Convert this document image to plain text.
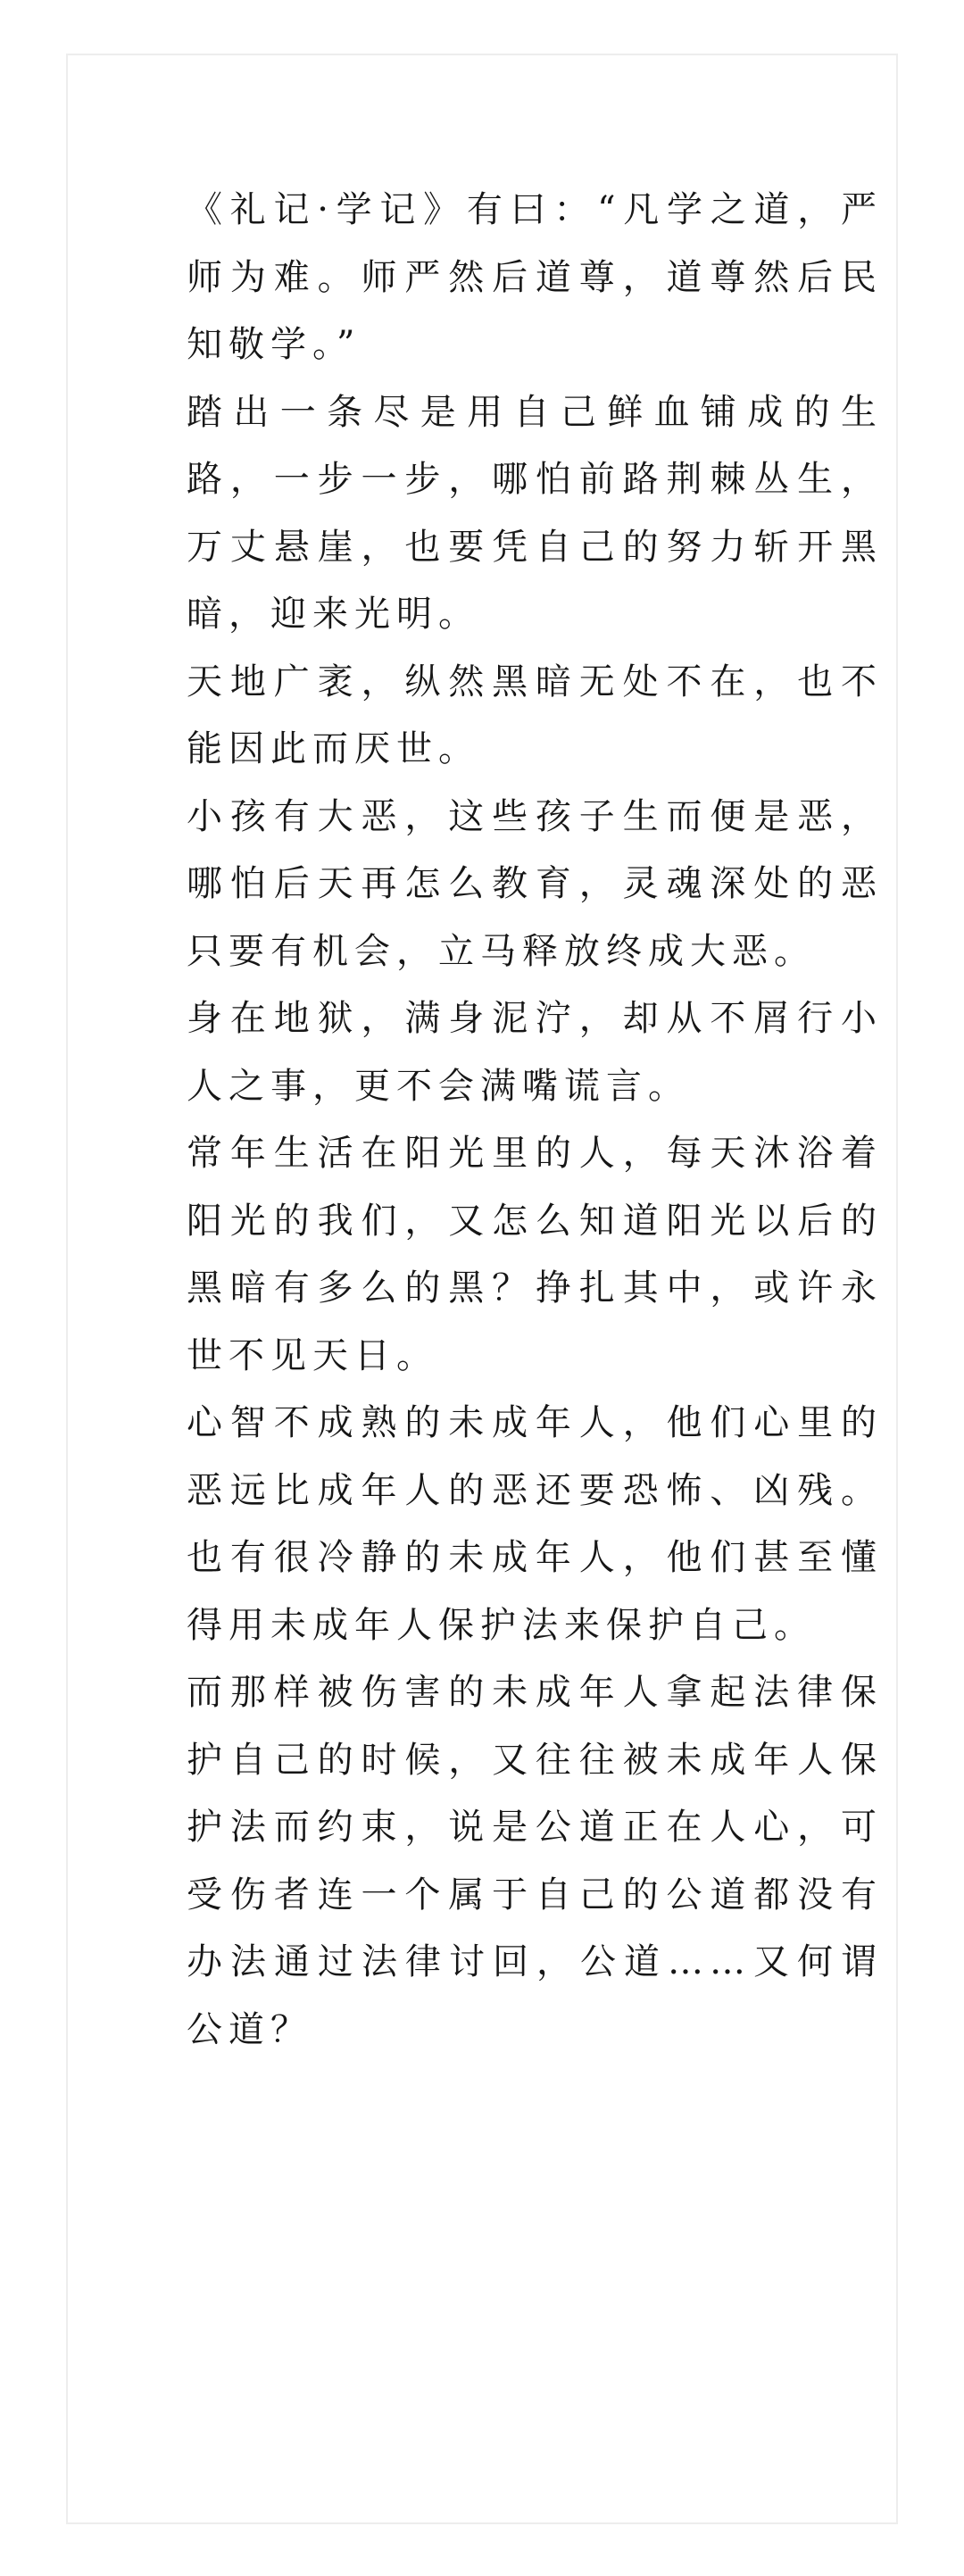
《礼记·学记》有曰：“凡学之道，严师为难。师严然后道尊，道尊然后民知敬学。”

踏出一条尽是用自己鲜血铺成的生路，一步一步，哪怕前路荆棘丛生，万丈悬崖，也要凭自己的努力斩开黑暗，迎来光明。

天地广袤，纵然黑暗无处不在，也不能因此而厌世。

小孩有大恶，这些孩子生而便是恶，哪怕后天再怎么教育，灵魂深处的恶只要有机会，立马释放终成大恶。

身在地狱，满身泥泞，却从不屑行小人之事，更不会满嘴谎言。

常年生活在阳光里的人，每天沐浴着阳光的我们，又怎么知道阳光以后的黑暗有多么的黑？挣扎其中，或许永世不见天日。

心智不成熟的未成年人，他们心里的恶远比成年人的恶还要恐怖、凶残。也有很冷静的未成年人，他们甚至懂得用未成年人保护法来保护自己。

而那样被伤害的未成年人拿起法律保护自己的时候，又往往被未成年人保护法而约束，说是公道正在人心，可受伤者连一个属于自己的公道都没有办法通过法律讨回，公道……又何谓公道？
